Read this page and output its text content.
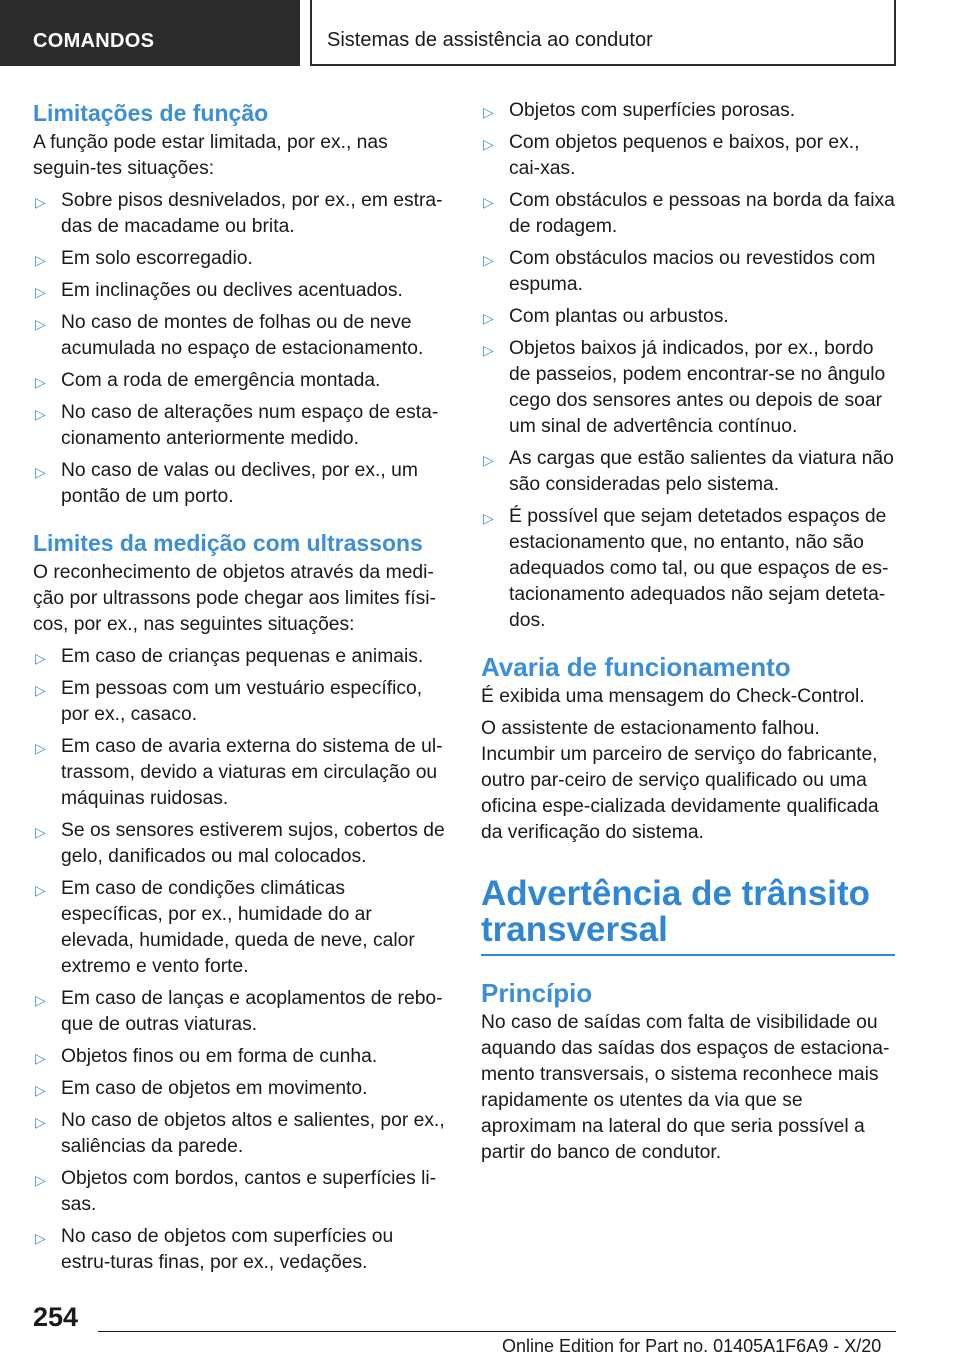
COMANDOS	Sistemas de assistência ao condutor
Limitações de função

A função pode estar limitada, por ex., nas seguin-tes situações:

▷ Sobre pisos desnivelados, por ex., em estra-das de macadame ou brita.
▷ Em solo escorregadio.
▷ Em inclinações ou declives acentuados.
▷ No caso de montes de folhas ou de neve acumulada no espaço de estacionamento.
▷ Com a roda de emergência montada.
▷ No caso de alterações num espaço de esta-cionamento anteriormente medido.
▷ No caso de valas ou declives, por ex., um pontão de um porto.
Limites da medição com ultrassons

O reconhecimento de objetos através da medi-ção por ultrassons pode chegar aos limites físi-cos, por ex., nas seguintes situações:

▷ Em caso de crianças pequenas e animais.
▷ Em pessoas com um vestuário específico, por ex., casaco.
▷ Em caso de avaria externa do sistema de ul-trassom, devido a viaturas em circulação ou máquinas ruidosas.
▷ Se os sensores estiverem sujos, cobertos de gelo, danificados ou mal colocados.
▷ Em caso de condições climáticas específicas, por ex., humidade do ar elevada, humidade, queda de neve, calor extremo e vento forte.
▷ Em caso de lanças e acoplamentos de rebo-que de outras viaturas.
▷ Objetos finos ou em forma de cunha.
▷ Em caso de objetos em movimento.
▷ No caso de objetos altos e salientes, por ex., saliências da parede.
▷ Objetos com bordos, cantos e superfícies li-sas.
▷ No caso de objetos com superfícies ou estru-turas finas, por ex., vedações.
▷ Objetos com superfícies porosas.
▷ Com objetos pequenos e baixos, por ex., cai-xas.
▷ Com obstáculos e pessoas na borda da faixa de rodagem.
▷ Com obstáculos macios ou revestidos com espuma.
▷ Com plantas ou arbustos.
▷ Objetos baixos já indicados, por ex., bordo de passeios, podem encontrar-se no ângulo cego dos sensores antes ou depois de soar um sinal de advertência contínuo.
▷ As cargas que estão salientes da viatura não são consideradas pelo sistema.
▷ É possível que sejam detetados espaços de estacionamento que, no entanto, não são adequados como tal, ou que espaços de es-tacionamento adequados não sejam deteta-dos.
Avaria de funcionamento

É exibida uma mensagem do Check-Control.

O assistente de estacionamento falhou. Incumbir um parceiro de serviço do fabricante, outro par-ceiro de serviço qualificado ou uma oficina espe-cializada devidamente qualificada da verificação do sistema.

Advertência de trânsito
transversal
Princípio

No caso de saídas com falta de visibilidade ou aquando das saídas dos espaços de estaciona-mento transversais, o sistema reconhece mais rapidamente os utentes da via que se aproximam na lateral do que seria possível a partir do banco de condutor.

254
Online Edition for Part no. 01405A1F6A9 - X/20
